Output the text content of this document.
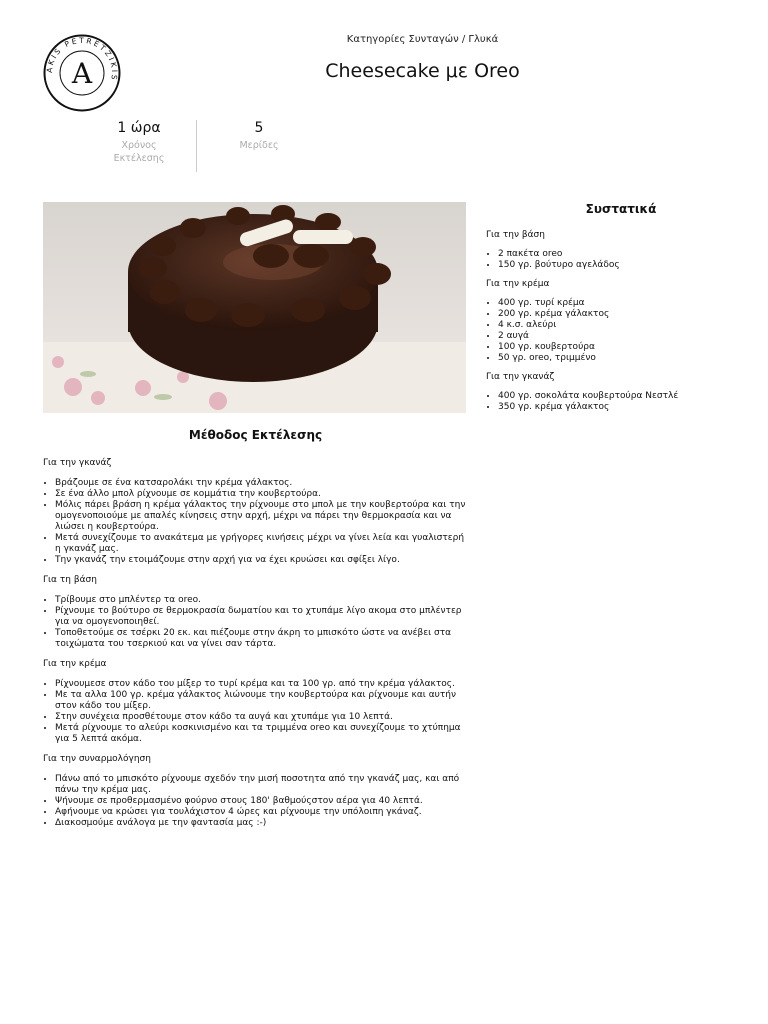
AKIS PETRETZIKIS
A
Κατηγορίες Συνταγών / Γλυκά
Cheesecake με Oreo
1 ώρα
Χρόνος Εκτέλεσης
5
Μερίδες
Συστατικά
Για την βάση
• 2 πακέτα oreo
• 150 γρ. βούτυρο αγελάδος
Για την κρέμα
• 400 γρ. τυρί κρέμα
• 200 γρ. κρέμα γάλακτος
• 4 κ.σ. αλεύρι
• 2 αυγά
• 100 γρ. κουβερτούρα
• 50 γρ. oreo, τριμμένο
Για την γκανάζ
• 400 γρ. σοκολάτα κουβερτούρα Νεστλέ
• 350 γρ. κρέμα γάλακτος
Μέθοδος Εκτέλεσης
Για την γκανάζ
• Βράζουμε σε ένα κατσαρολάκι την κρέμα γάλακτος.
• Σε ένα άλλο μπολ ρίχνουμε σε κομμάτια την κουβερτούρα.
• Μόλις πάρει βράση η κρέμα γάλακτος την ρίχνουμε στο μπολ με την κουβερτούρα και την ομογενοποιούμε με απαλές κίνησεις στην αρχή, μέχρι να πάρει την θερμοκρασία και να λιώσει η κουβερτούρα.
• Μετά συνεχίζουμε το ανακάτεμα με γρήγορες κινήσεις μέχρι να γίνει λεία και γυαλιστερή η γκανάζ μας.
• Την γκανάζ την ετοιμάζουμε στην αρχή για να έχει κρυώσει και σφίξει λίγο.
Για τη βάση
• Τρίβουμε στο μπλέντερ τα oreo.
• Ρίχνουμε το βούτυρο σε θερμοκρασία δωματίου και το χτυπάμε λίγο ακομα στο μπλέντερ για να ομογενοποιηθεί.
• Τοποθετούμε σε τσέρκι 20 εκ. και πιέζουμε στην άκρη το μπισκότο ώστε να ανέβει στα τοιχώματα του τσερκιού και να γίνει σαν τάρτα.
Για την κρέμα
• Ρίχνουμεσε στον κάδο του μίξερ το τυρί κρέμα και τα 100 γρ. από την κρέμα γάλακτος.
• Με τα αλλα 100 γρ. κρέμα γάλακτος λιώνουμε την κουβερτούρα και ρίχνουμε και αυτήν στον κάδο του μίξερ.
• Στην συνέχεια προσθέτουμε στον κάδο τα αυγά και χτυπάμε για 10 λεπτά.
• Μετά ρίχνουμε το αλεύρι κοσκινισμένο και τα τριμμένα oreo και συνεχίζουμε το χτύπημα για 5 λεπτά ακόμα.
Για την συναρμολόγηση
• Πάνω από το μπισκότο ρίχνουμε σχεδόν την μισή ποσοτητα από την γκανάζ μας, και από πάνω την κρέμα μας.
• Ψήνουμε σε προθερμασμένο φούρνο στους 180' βαθμούςστον αέρα για 40 λεπτά.
• Αφήνουμε να κρώσει για τουλάχιστον 4 ώρες και ρίχνουμε την υπόλοιπη γκάναζ.
• Διακοσμούμε ανάλογα με την φαντασία μας :-)
